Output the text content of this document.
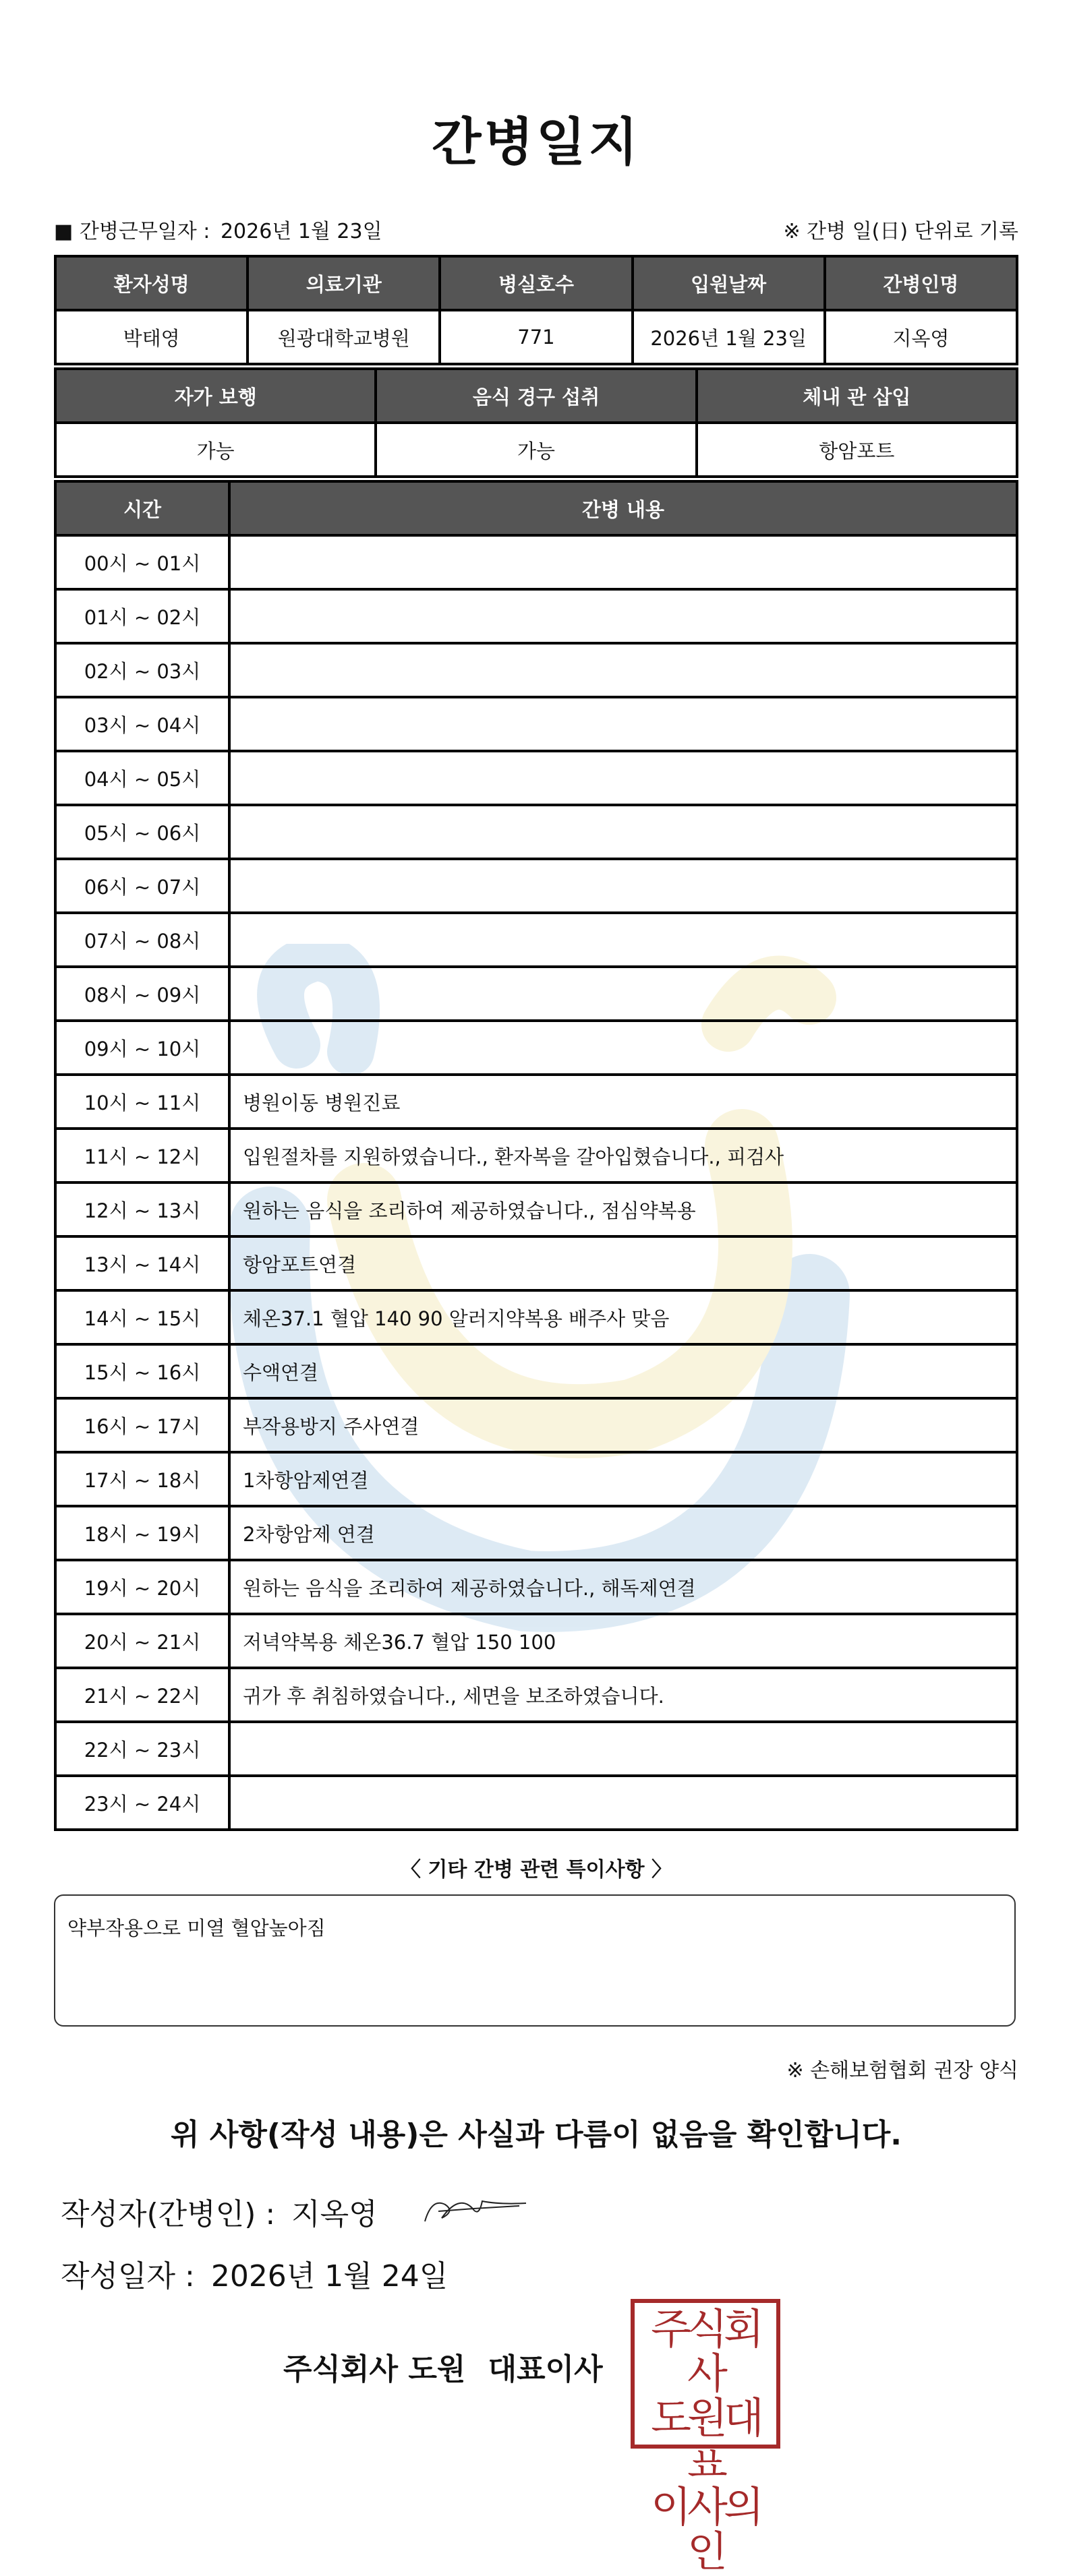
간병일지
■ 간병근무일자 : 2026년 1월 23일	※ 간병 일(日) 단위로 기록
환자성명	의료기관	병실호수	입원날짜	간병인명
박태영	원광대학교병원	771	2026년 1월 23일	지옥영
자가 보행	음식 경구 섭취	체내 관 삽입
가능	가능	항암포트
시간	간병 내용
00시 ~ 01시	
01시 ~ 02시	
02시 ~ 03시	
03시 ~ 04시	
04시 ~ 05시	
05시 ~ 06시	
06시 ~ 07시	
07시 ~ 08시	
08시 ~ 09시	
09시 ~ 10시	
10시 ~ 11시	병원이동 병원진료
11시 ~ 12시	입원절차를 지원하였습니다., 환자복을 갈아입혔습니다., 피검사
12시 ~ 13시	원하는 음식을 조리하여 제공하였습니다., 점심약복용
13시 ~ 14시	항암포트연결
14시 ~ 15시	체온37.1 혈압 140 90 알러지약복용 배주사 맞음
15시 ~ 16시	수액연결
16시 ~ 17시	부작용방지 주사연결
17시 ~ 18시	1차항암제연결
18시 ~ 19시	2차항암제 연결
19시 ~ 20시	원하는 음식을 조리하여 제공하였습니다., 해독제연결
20시 ~ 21시	저녁약복용 체온36.7 혈압 150 100
21시 ~ 22시	귀가 후 취침하였습니다., 세면을 보조하였습니다.
22시 ~ 23시	
23시 ~ 24시	
〈 기타 간병 관련 특이사항 〉
약부작용으로 미열 혈압높아짐
※ 손해보험협회 권장 양식
위 사항(작성 내용)은 사실과 다름이 없음을 확인합니다.
작성자(간병인) : 지옥영
작성일자 : 2026년 1월 24일
주식회사 도원 대표이사
주식회사
도원대표
이사의인
